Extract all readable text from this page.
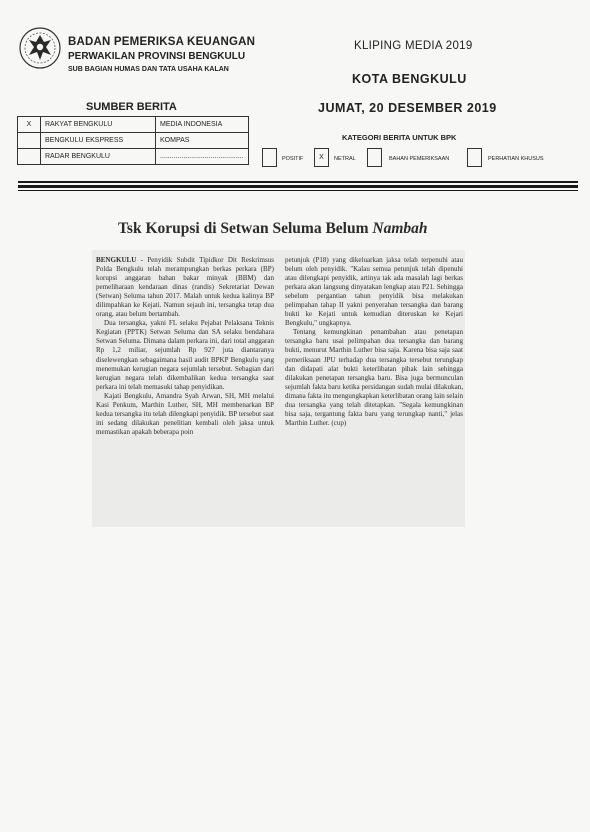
BADAN PEMERIKSA KEUANGAN
PERWAKILAN PROVINSI BENGKULU
SUB BAGIAN HUMAS DAN TATA USAHA KALAN
KLIPING MEDIA 2019
KOTA BENGKULU
JUMAT, 20 DESEMBER 2019
SUMBER BERITA
X	RAKYAT BENGKULU	MEDIA INDONESIA
	BENGKULU EKSPRESS	KOMPAS
	RADAR BENGKULU	...........................................
KATEGORI BERITA UNTUK BPK
POSITIF	X	NETRAL	BAHAN PEMERIKSAAN	PERHATIAN KHUSUS
Tsk Korupsi di Setwan Seluma Belum Nambah

BENGKULU - Penyidik Subdit Tipidkor Dit Reskrimsus Polda Bengkulu telah merampungkan berkas perkara (BP) korupsi anggaran bahan bakar minyak (BBM) dan pemeliharaan kendaraan dinas (randis) Sekretariat Dewan (Setwan) Seluma tahun 2017. Malah untuk kedua kalinya BP dilimpahkan ke Kejati. Namun sejauh ini, tersangka tetap dua orang, atau belum bertambah.

Dua tersangka, yakni FL selaku Pejabat Pelaksana Teknis Kegiatan (PPTK) Setwan Seluma dan SA selaku bendahara Setwan Seluma. Dimana dalam perkara ini, dari total anggaran Rp 1,2 miliar, sejumlah Rp 927 juta diantaranya diselewengkan sebagaimana hasil audit BPKP Bengkulu yang menemukan kerugian negara sejumlah tersebut. Sebagian dari kerugian negara telah dikembalikan kedua tersangka saat perkara ini telah memasuki tahap penyidikan.

Kajati Bengkulu, Amandra Syah Arwan, SH, MH melalui Kasi Penkum, Marthin Luther, SH, MH membenarkan BP kedua tersangka itu telah dilengkapi penyidik. BP tersebut saat ini sedang dilakukan penelitian kembali oleh jaksa untuk memastikan apakah beberapa poin

petunjuk (P18) yang dikeluarkan jaksa telah terpenuhi atau belum oleh penyidik. "Kalau semua petunjuk telah dipenuhi atau dilengkapi penyidik, artinya tak ada masalah lagi berkas perkara akan langsung dinyatakan lengkap atau P21. Sehingga sebelum pergantian tahun penyidik bisa melakukan pelimpahan tahap II yakni penyerahan tersangka dan barang bukti ke Kejati untuk kemudian diteruskan ke Kejari Bengkulu," ungkapnya.

Tentang kemungkinan penambahan atau penetapan tersangka baru usai pelimpahan dua tersangka dan barang bukti, menurut Marthin Luther bisa saja. Karena bisa saja saat pemeriksaan JPU terhadap dua tersangka tersebut terungkap dan didapati alat bukti keterlibatan pihak lain sehingga dilakukan penetapan tersangka baru. Bisa juga bermunculan sejumlah fakta baru ketika persidangan sudah mulai dilakukan, dimana fakta itu mengungkapkan keterlibatan orang lain selain dua tersangka yang telah ditetapkan. "Segala kemungkinan bisa saja, tergantung fakta baru yang terungkap nanti," jelas Marthin Luther. (cup)
